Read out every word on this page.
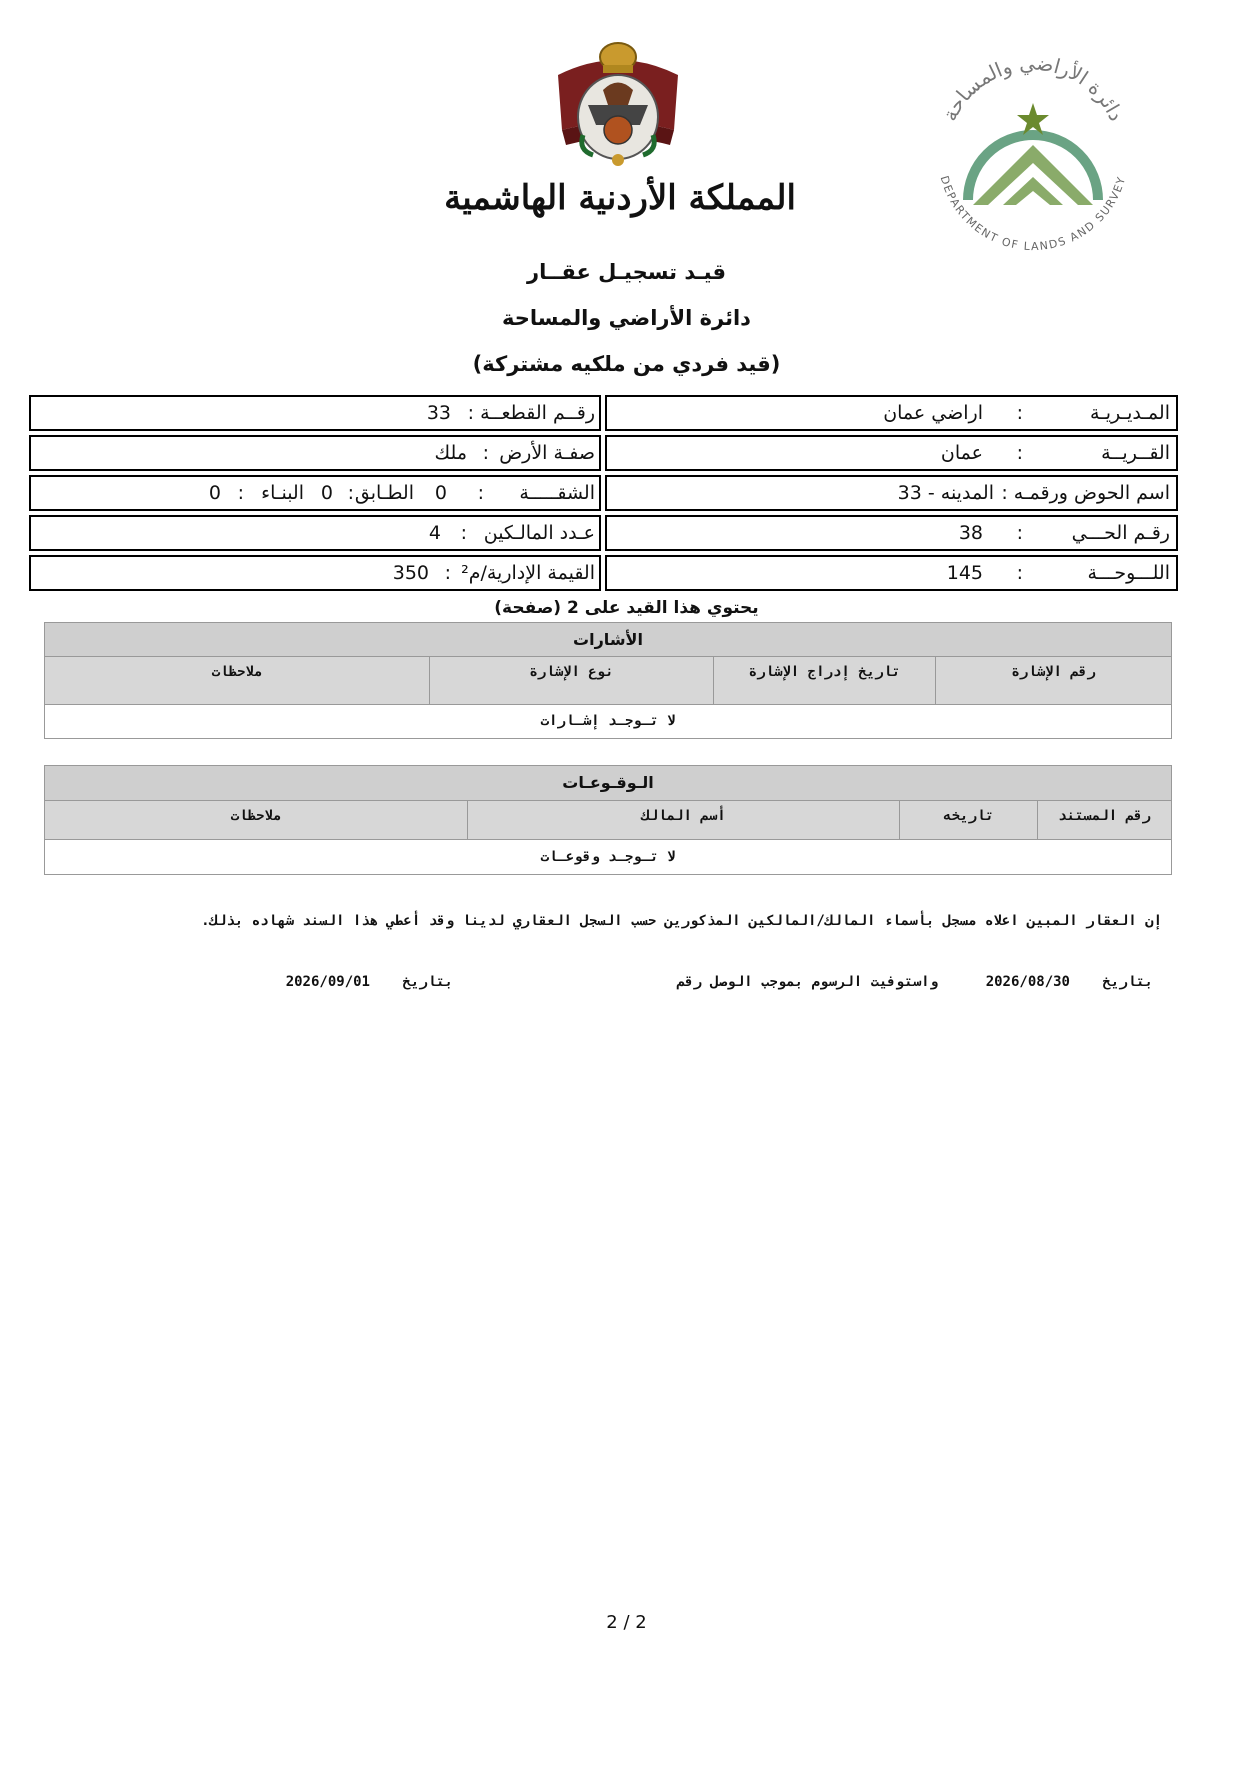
المملكة الأردنية الهاشمية
دائرة الأراضي والمساحة
DEPARTMENT OF LANDS AND SURVEY
قيـد تسجيـل عقــار
دائرة الأراضي والمساحة
(قيد فردي من ملكيه مشتركة)
المـديـريـة
:
اراضي عمان
القــريــة
:
عمان
اسم الحوض ورقمـه :
المدينه - 33
رقـم الحـــي
:
38
اللـــوحـــة
:
145
رقــم القطعــة
:
33
صفـة الأرض
:
ملك
الشقـــــة
:
0
الطـابق
:
0
البنـاء
:
0
عـدد المالـكين
:
4
القيمة الإدارية/م²
:
350
يحتوي هذا القيد على 2 (صفحة)
الأشارات
رقم الإشارة
تاريخ إدراج الإشارة
نوع الإشارة
ملاحظات
لا تـوجـد إشـارات
الـوقـوعـات
رقم المستند
تاريخه
أسم المالك
ملاحظات
لا تـوجـد وقوعـات
إن العقار المبين اعلاه مسجل بأسماء المالك/المالكين المذكورين حسب السجل العقاري لدينا وقد أعطي هذا السند شهاده بذلك.
بتاريخ
2026/08/30
واستوفيت الرسوم بموجب الوصل رقم
بتاريخ
2026/09/01
2 / 2
